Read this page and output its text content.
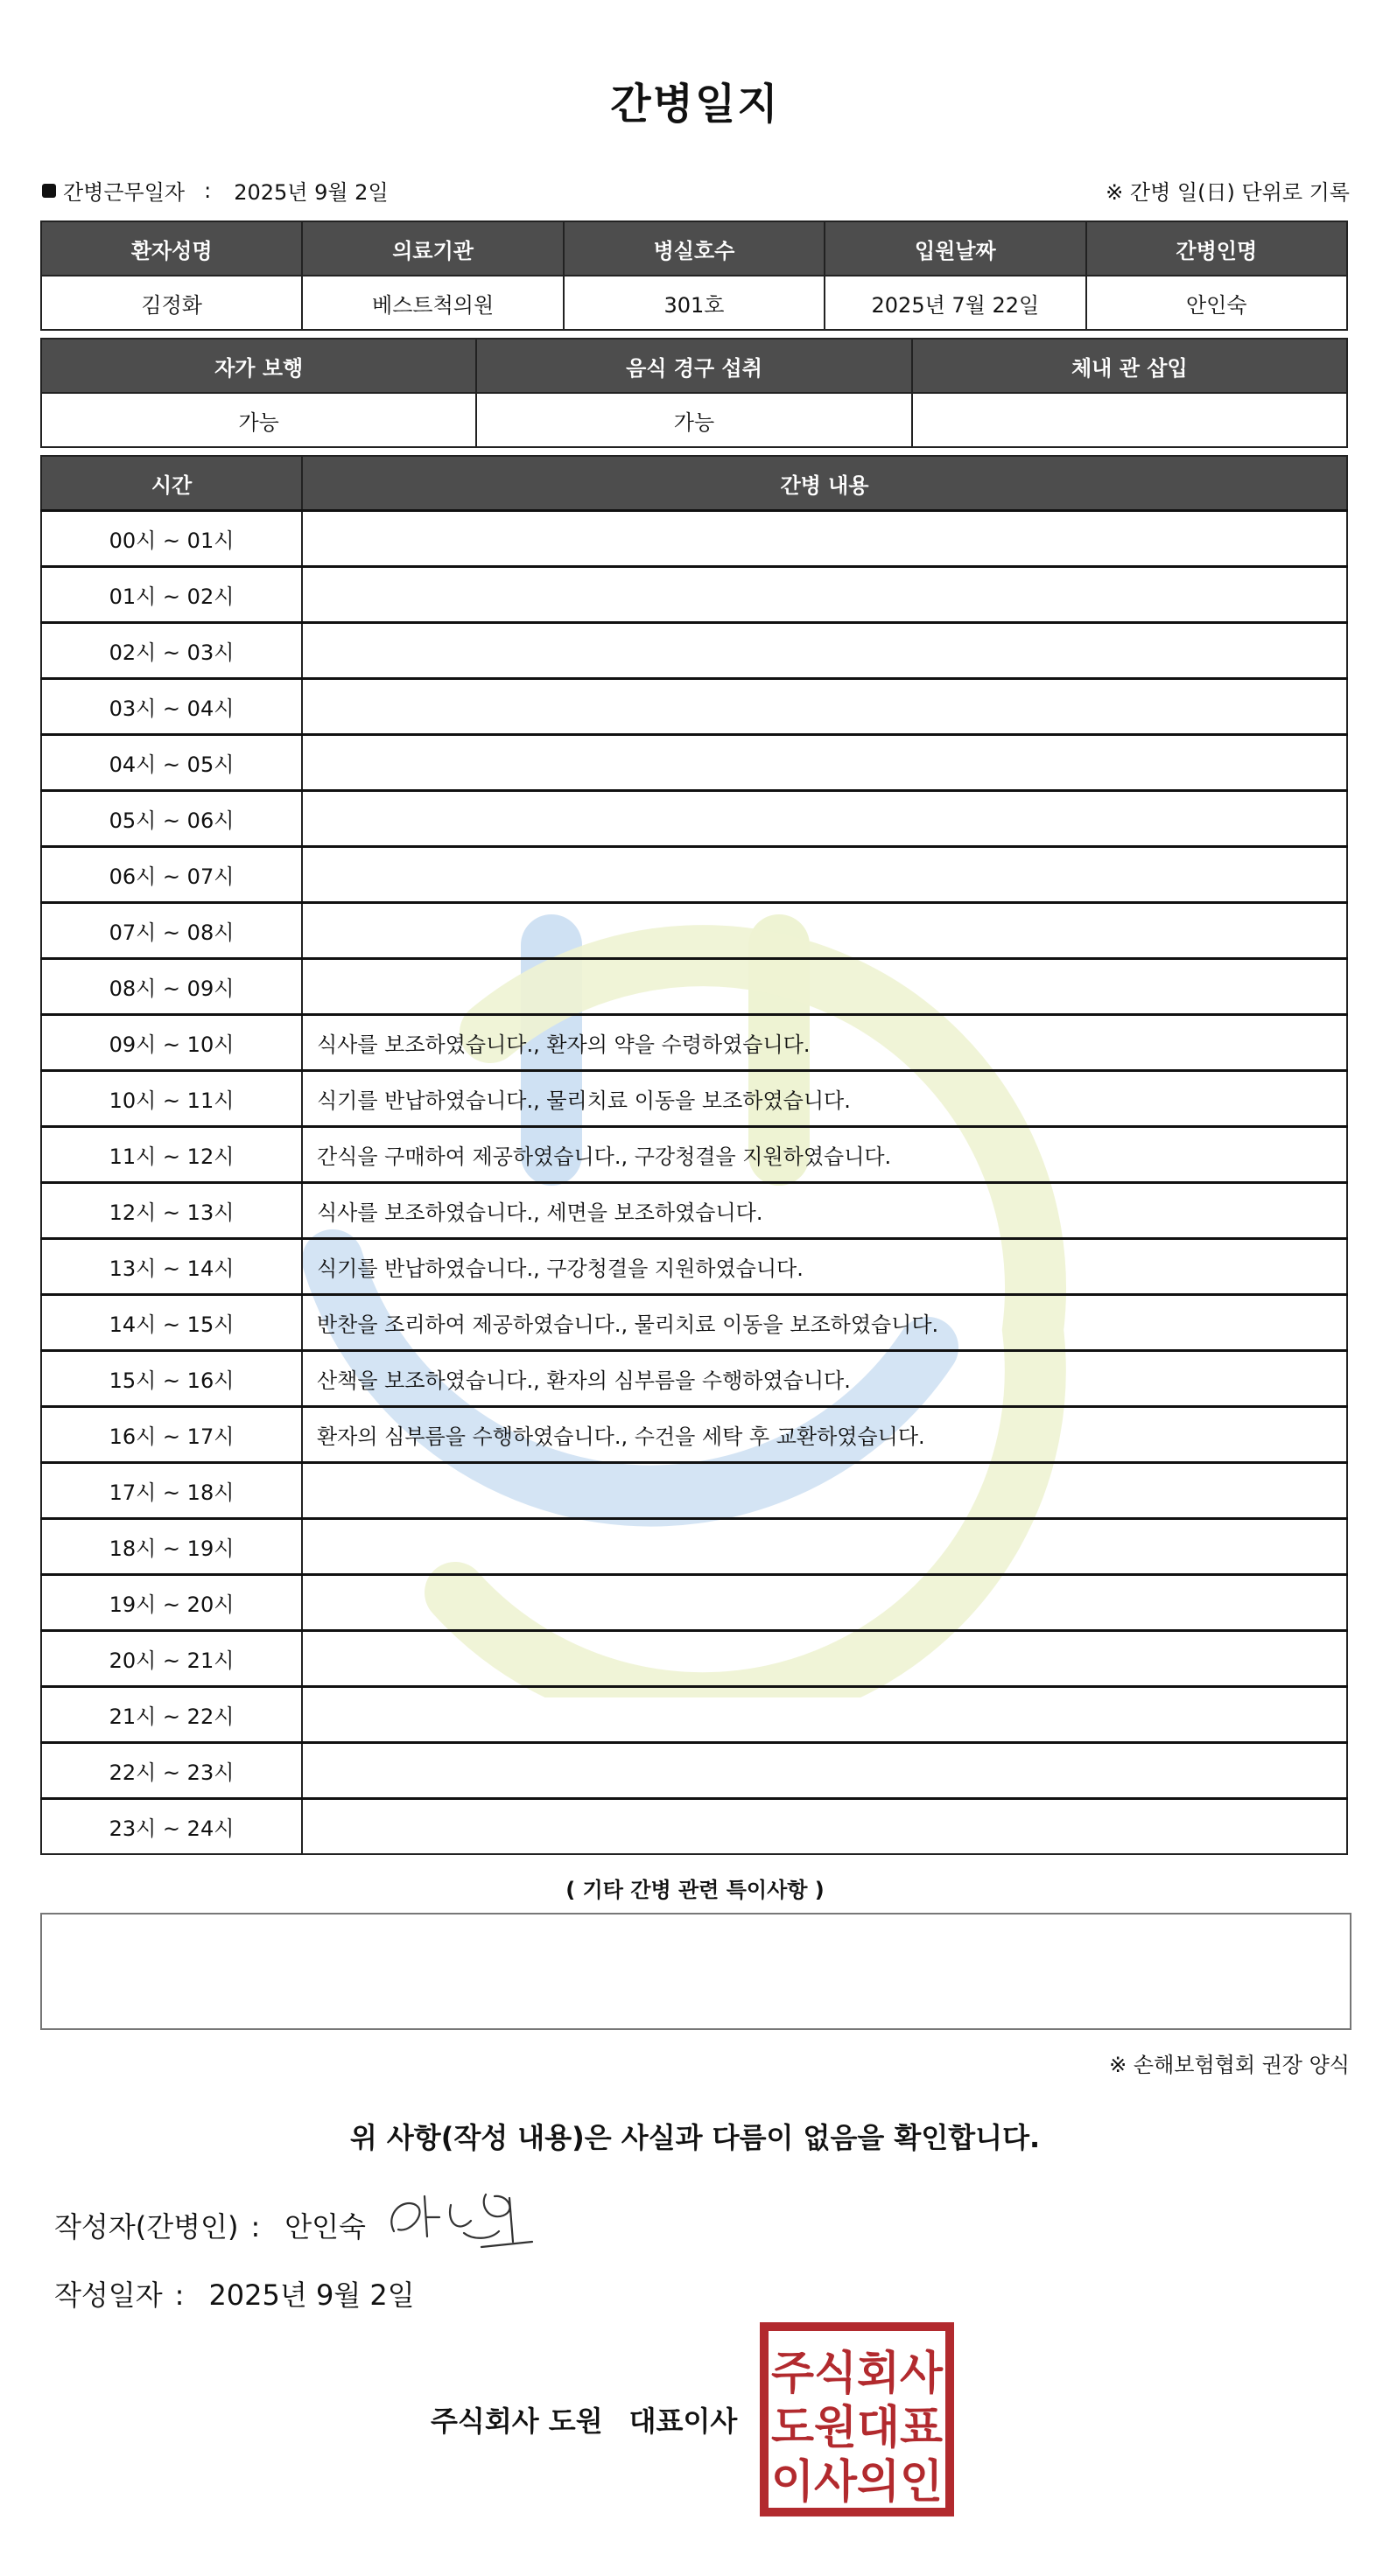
간병일지
간병근무일자 : 2025년 9월 2일	※ 간병 일(日) 단위로 기록
환자성명	의료기관	병실호수	입원날짜	간병인명
김정화	베스트척의원	301호	2025년 7월 22일	안인숙
자가 보행	음식 경구 섭취	체내 관 삽입
가능	가능	
시간	간병 내용
00시 ~ 01시	
01시 ~ 02시	
02시 ~ 03시	
03시 ~ 04시	
04시 ~ 05시	
05시 ~ 06시	
06시 ~ 07시	
07시 ~ 08시	
08시 ~ 09시	
09시 ~ 10시	식사를 보조하였습니다., 환자의 약을 수령하였습니다.
10시 ~ 11시	식기를 반납하였습니다., 물리치료 이동을 보조하였습니다.
11시 ~ 12시	간식을 구매하여 제공하였습니다., 구강청결을 지원하였습니다.
12시 ~ 13시	식사를 보조하였습니다., 세면을 보조하였습니다.
13시 ~ 14시	식기를 반납하였습니다., 구강청결을 지원하였습니다.
14시 ~ 15시	반찬을 조리하여 제공하였습니다., 물리치료 이동을 보조하였습니다.
15시 ~ 16시	산책을 보조하였습니다., 환자의 심부름을 수행하였습니다.
16시 ~ 17시	환자의 심부름을 수행하였습니다., 수건을 세탁 후 교환하였습니다.
17시 ~ 18시	
18시 ~ 19시	
19시 ~ 20시	
20시 ~ 21시	
21시 ~ 22시	
22시 ~ 23시	
23시 ~ 24시	
( 기타 간병 관련 특이사항 )
※ 손해보험협회 권장 양식
위 사항(작성 내용)은 사실과 다름이 없음을 확인합니다.
작성자(간병인) : 안인숙
작성일자 : 2025년 9월 2일
주식회사 도원 대표이사
주식회사
도원대표
이사의인
